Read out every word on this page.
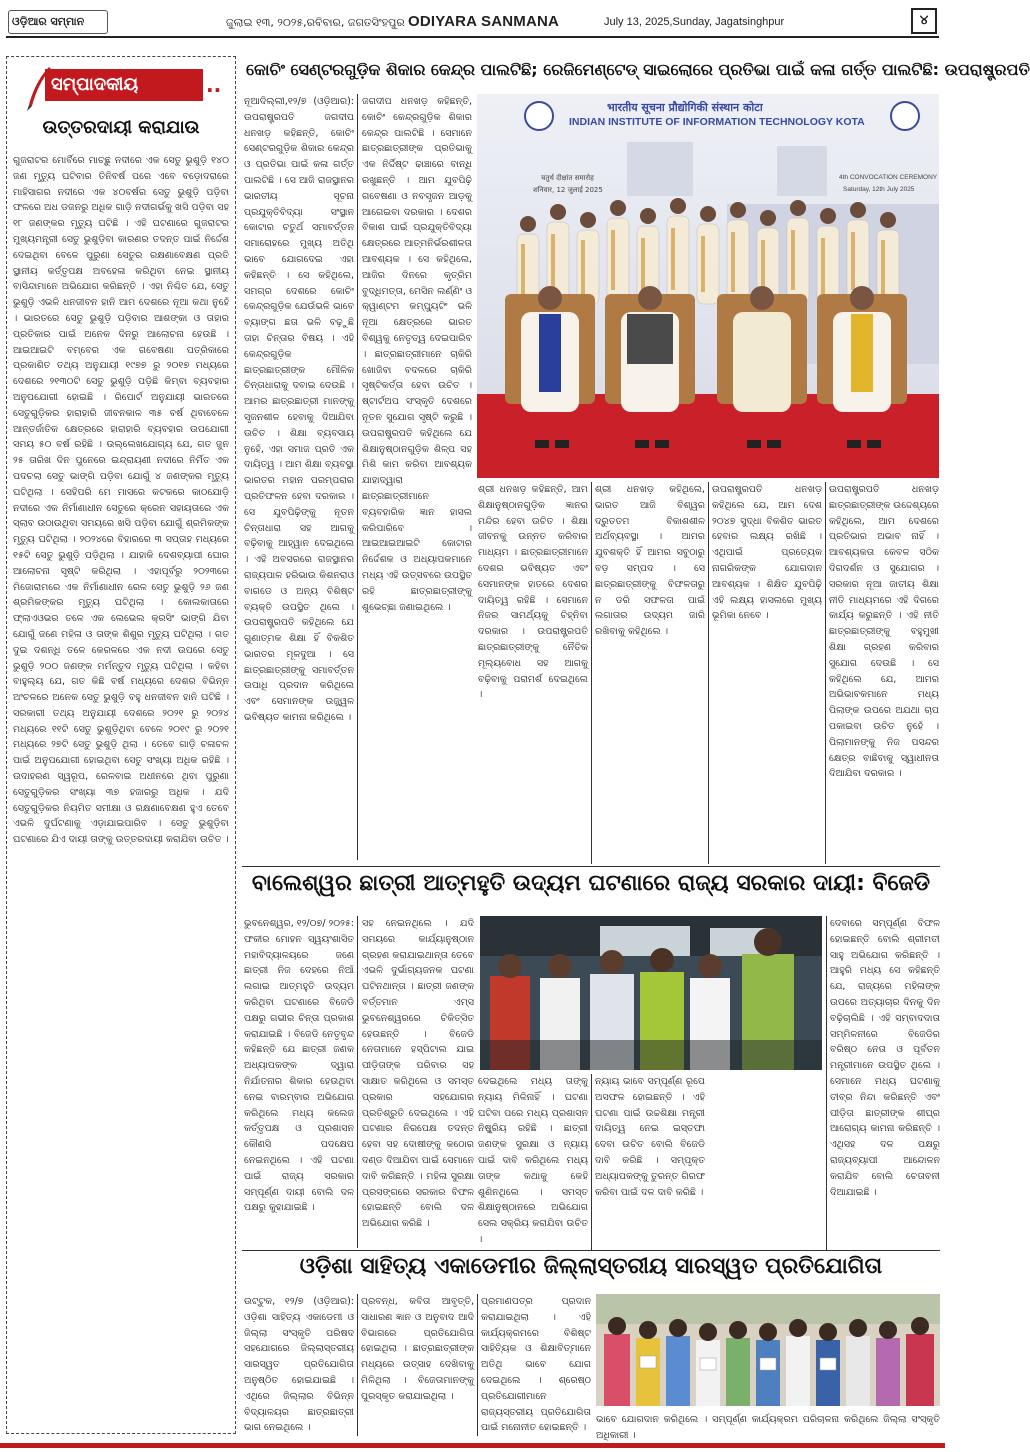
ଓଡ଼ିଆର ସମ୍ମାନ	ଜୁଲାଇ ୧୩, ୨୦୨୫,ରବିବାର, ଜଗତସିଂହପୁର ODIYARA SANMANA	July 13, 2025,Sunday, Jagatsinghpur	୪
ସମ୍ପାଦକୀୟ	..
ଉତ୍ତରଦାୟୀ କରାଯାଉ
ଗୁଜରାଟର ମୋର୍ବିରେ ମାଚ୍ଛୁ ନଦୀରେ ଏକ ସେତୁ ଭୁଶୁଡ଼ି ୧୪୦ ଜଣ ମୃତ୍ୟୁ ଘଟିବାର ତିନିବର୍ଷ ପରେ ଏବେ ବଡ଼ୋଦରାରେ ମାହିସାଗର ନଦୀରେ ଏକ ୪୦ବର୍ଷର ସେତୁ ଭୁଶୁଡ଼ି ପଡ଼ିବା ଫଳରେ ଅଧ ଡଜନରୁ ଅଧିକ ଗାଡ଼ି ନଦୀଗର୍ଭକୁ ଖସି ପଡ଼ିବା ସହ ୧୮ ଜଣଙ୍କର ମୃତ୍ୟୁ ଘଟିଛି । ଏହି ଘଟଣାରେ ଗୁଜରାଟର ମୁଖ୍ୟମନ୍ତ୍ରୀ ସେତୁ ଭୁଶୁଡ଼ିବା କାରଣର ତଦନ୍ତ ପାଇଁ ନିର୍ଦ୍ଦେଶ ଦେଇଥିବା ବେଳେ ପୁରୁଣା ସେତୁର ରକ୍ଷଣାବେକ୍ଷଣ ପ୍ରତି ସ୍ଥାନୀୟ କର୍ତ୍ତୃପକ୍ଷ ଅବହେଳା କରିଥିବା ନେଇ ସ୍ଥାନୀୟ ବାସିନ୍ଦାମାନେ ଅଭିଯୋଗ କରିଛନ୍ତି । ଏହା ନିଶ୍ଚିତ ଯେ, ସେତୁ ଭୁଶୁଡ଼ି ଏଭଳି ଧନଜୀବନ ହାନି ଆମ ଦେଶରେ ନୂଆ କଥା ନୁହେଁ । ଭାରତରେ ସେତୁ ଭୁଶୁଡ଼ି ପଡ଼ିବାର ଆଶଙ୍କା ଓ ତାହାର ପ୍ରତିକାର ପାଇଁ ଅନେକ ଦିନରୁ ଆଲୋଚନା ହେଉଛି । ଆଇଆଇଟି ବମ୍ବେର ଏକ ଗବେଷଣା ପତ୍ରିକାରେ ପ୍ରକାଶିତ ତଥ୍ୟ ଅନୁଯାୟୀ ୧୯୭୭ ରୁ ୨୦୧୭ ମଧ୍ୟରେ ଦେଶରେ ୨୧୩୦ଟି ସେତୁ ଭୁଶୁଡ଼ି ପଡ଼ିଛି କିମ୍ବା ବ୍ୟବହାର ଅନୁପଯୋଗୀ ହୋଇଛି । ରିପୋର୍ଟ ଅନୁଯାୟୀ ଭାରତରେ ସେତୁଗୁଡ଼ିକର ହାରାହାରି ଜୀବନକାଳ ୩୫ ବର୍ଷ ଥିବାବେଳେ ଆନ୍ତର୍ଜାତିକ କ୍ଷେତ୍ରରେ ହାରାହାରି ବ୍ୟବହାର ଉପଯୋଗୀ ସମୟ ୫୦ ବର୍ଷ ରହିଛି । ଉଲ୍ଲେଖଯୋଗ୍ୟ ଯେ, ଗତ ଜୁନ ୨୫ ତାରିଖ ଦିନ ପୁନେରେ ଇନ୍ଦ୍ରାୟଣୀ ନଦୀରେ ନିର୍ମିତ ଏକ ପଦଚଲା ସେତୁ ଭାଙ୍ଗି ପଡ଼ିବା ଯୋଗୁଁ ୪ ଜଣଙ୍କର ମୃତ୍ୟୁ ଘଟିଥିଲା । ସେହିପରି ମେ ମାସରେ କଟକରେ କାଠଯୋଡ଼ି ନଦୀରେ ଏକ ନିର୍ମାଣାଧୀନ ସେତୁରେ କ୍ରେନ ସହାୟତାରେ ଏକ ସ୍ଲାବ ଉଠାଉଥିବା ସମୟରେ ଖସି ପଡ଼ିବା ଯୋଗୁଁ ଶ୍ରମିକଙ୍କ ମୃତ୍ୟୁ ଘଟିଥିଲା । ୨୦୨୪ରେ ବିହାରରେ ୩ ସପ୍ତାହ ମଧ୍ୟରେ ୧୫ଟି ସେତୁ ଭୁଶୁଡ଼ି ପଡ଼ିଥିଲା । ଯାହାକି ଦେଶବ୍ୟାପୀ ଘୋର ଆଲୋଚନା ସୃଷ୍ଟି କରିଥିଲା । ଏହାପୂର୍ବରୁ ୨୦୨୩ରେ ମିଜୋରାମରେ ଏକ ନିର୍ମାଣାଧୀନ ରେଳ ସେତୁ ଭୁଶୁଡ଼ି ୨୬ ଜଣ ଶ୍ରମିକଙ୍କର ମୃତ୍ୟୁ ଘଟିଥିଲା । କୋଲକାତାରେ ଫ୍ଲାଏଓଭର ତଳେ ଏକ ଲେଭେଲ କ୍ରସିଂ ଭାଙ୍ଗି ଯିବା ଯୋଗୁଁ ଜଣେ ମହିଳା ଓ ତାଙ୍କ ଶିଶୁର ମୃତ୍ୟୁ ଘଟିଥିଲା । ଗତ ଦୁଇ ଦଶନ୍ଧି ତଳେ କେରଳରେ ଏକ ନଦୀ ଉପରେ ସେତୁ ଭୁଶୁଡ଼ି ୨୦୦ ଜଣଙ୍କ ମର୍ମନ୍ତୁଦ ମୃତ୍ୟୁ ଘଟିଥିଲା । କହିବା ବାହୁଲ୍ୟ ଯେ, ଗତ କିଛି ବର୍ଷ ମଧ୍ୟରେ ଦେଶର ବିଭିନ୍ନ ଅଂଚଳରେ ଅନେକ ସେତୁ ଭୁଶୁଡ଼ି ବହୁ ଧନଜୀବନ ହାନି ଘଟିଛି । ସରକାରୀ ତଥ୍ୟ ଅନୁଯାୟୀ ଦେଶରେ ୨୦୨୧ ରୁ ୨୦୨୪ ମଧ୍ୟରେ ୧୧ଟି ସେତୁ ଭୁଶୁଡ଼ିଥିବା ବେଳେ ୨୦୧୯ ରୁ ୨୦୨୧ ମଧ୍ୟରେ ୨୭ଟି ସେତୁ ଭୁଶୁଡ଼ି ଥିଲା । ତେବେ ଗାଡ଼ି ଚଳାଚଳ ପାଇଁ ଅନୁପଯୋଗୀ ହୋଇଥିବା ସେତୁ ସଂଖ୍ୟା ଅଧିକ ରହିଛି । ଉଦାହରଣ ସ୍ୱରୂପ, ରେଳବାଇ ଅଧୀନରେ ଥିବା ପୁରୁଣା ସେତୁଗୁଡ଼ିକର ସଂଖ୍ୟା ୩୭ ହଜାରରୁ ଅଧିକ । ଯଦି ସେତୁଗୁଡ଼ିକର ନିୟମିତ ସମୀକ୍ଷା ଓ ରକ୍ଷଣାବେକ୍ଷଣ ହୁଏ ତେବେ ଏଭଳି ଦୁର୍ଘଟଣାକୁ ଏଡ଼ାଯାଇପାରିବ । ସେତୁ ଭୁଶୁଡ଼ିବା ଘଟଣାରେ ଯିଏ ଦାୟୀ ତାଙ୍କୁ ଉତ୍ତରଦାୟୀ କରାଯିବା ଉଚିତ ।
କୋଚିଂ ସେଣ୍ଟରଗୁଡ଼ିକ ଶିକାର କେନ୍ଦ୍ର ପାଲଟିଛି; ରେଜିମେଣ୍ଟେଡ୍ ସାଇଲୋରେ ପ୍ରତିଭା ପାଇଁ କଳା ଗର୍ତ୍ତ ପାଲଟିଛି: ଉପରାଷ୍ଟ୍ରପତି
ନୂଆଦିଲ୍ଲୀ,୧୨/୭ (ଓଡ଼ିଆର): ଉପରାଷ୍ଟ୍ରପତି ଜଗଦୀପ ଧନଖଡ଼ କହିଛନ୍ତି, କୋଚିଂ ସେଣ୍ଟରଗୁଡ଼ିକ ଶିକାର କେନ୍ଦ୍ର ଓ ପ୍ରତିଭା ପାଇଁ କଳା ଗର୍ତ୍ତ ପାଲଟିଛି । ସେ ଆଜି ରାଜସ୍ଥାନର ଭାରତୀୟ ସୂଚନା ପ୍ରଯୁକ୍ତିବିଦ୍ୟା ସଂସ୍ଥାନ କୋଟାର ଚତୁର୍ଥ ସମାବର୍ତ୍ତନ ସମାରୋହରେ ମୁଖ୍ୟ ଅତିଥି ଭାବେ ଯୋଗଦେଇ ଏହା କହିଛନ୍ତି । ସେ କହିଥିଲେ, ସମଗ୍ର ଦେଶରେ କୋଚିଂ କେନ୍ଦ୍ରଗୁଡ଼ିକ ଯେଉଁଭଳି ଭାବେ ବ୍ୟାଙ୍ଗ ଛତା ଭଳି ବଢ଼ୁଛି ତାହା ଚିନ୍ତାର ବିଷୟ । ଏହି କେନ୍ଦ୍ରଗୁଡ଼ିକ ଛାତ୍ରଛାତ୍ରୀଙ୍କ ମୌଳିକ ଚିନ୍ତାଧାରାକୁ ଦବାଇ ଦେଉଛି । ଆମର ଛାତ୍ରଛାତ୍ରୀ ମାନଙ୍କୁ ସୃଜନଶୀଳ ହେବାକୁ ଦିଆଯିବା ଉଚିତ । ଶିକ୍ଷା ବ୍ୟବସାୟ ନୁହେଁ, ଏହା ସମାଜ ପ୍ରତି ଏକ ଦାୟିତ୍ୱ । ଆମ ଶିକ୍ଷା ବ୍ୟବସ୍ଥା ଭାରତର ମହାନ ପରମ୍ପରାର ପ୍ରତିଫଳନ ହେବା ଦରକାର । ସେ ଯୁବପିଢ଼ିଙ୍କୁ ନୂତନ ଚିନ୍ତାଧାରା ସହ ଆଗକୁ ବଢ଼ିବାକୁ ଆହ୍ୱାନ ଦେଇଥିଲେ । ଏହି ଅବସରରେ ରାଜସ୍ଥାନର ରାଜ୍ୟପାଳ ହରିଭାଉ କିଶନରାଓ ବାଗଡେ ଓ ଅନ୍ୟ ବିଶିଷ୍ଟ ବ୍ୟକ୍ତି ଉପସ୍ଥିତ ଥିଲେ । ଉପରାଷ୍ଟ୍ରପତି କହିଥିଲେ ଯେ ଗୁଣାତ୍ମକ ଶିକ୍ଷା ହିଁ ବିକଶିତ ଭାରତର ମୂଳଦୁଆ । ସେ ଛାତ୍ରଛାତ୍ରୀଙ୍କୁ ସମାବର୍ତ୍ତନ ଉପାଧି ପ୍ରଦାନ କରିଥିଲେ ଏବଂ ସେମାନଙ୍କ ଉଜ୍ଜ୍ୱଳ ଭବିଷ୍ୟତ କାମନା କରିଥିଲେ ।
ଜଗଦୀପ ଧନଖଡ଼ କହିଛନ୍ତି, କୋଚିଂ କେନ୍ଦ୍ରଗୁଡ଼ିକ ଶିକାର କେନ୍ଦ୍ର ପାଲଟିଛି । ସେମାନେ ଛାତ୍ରଛାତ୍ରୀଙ୍କ ପ୍ରତିଭାକୁ ଏକ ନିର୍ଦ୍ଦିଷ୍ଟ ଢାଞ୍ଚାରେ ବାନ୍ଧି ରଖୁଛନ୍ତି । ଆମ ଯୁବପିଢ଼ି ଗବେଷଣା ଓ ନବସୃଜନ ଆଡ଼କୁ ଆଗେଇବା ଦରକାର । ଦେଶର ବିକାଶ ପାଇଁ ପ୍ରଯୁକ୍ତିବିଦ୍ୟା କ୍ଷେତ୍ରରେ ଆତ୍ମନିର୍ଭରଶୀଳତା ଆବଶ୍ୟକ । ସେ କହିଥିଲେ, ଆଜିର ଦିନରେ କୃତ୍ରିମ ବୁଦ୍ଧିମତ୍ତା, ମେସିନ ଲର୍ଣ୍ଣିଂ ଓ କ୍ୱାଣ୍ଟମ କମ୍ପ୍ୟୁଟିଂ ଭଳି ନୂଆ କ୍ଷେତ୍ରରେ ଭାରତ ବିଶ୍ୱକୁ ନେତୃତ୍ୱ ଦେଇପାରିବ । ଛାତ୍ରଛାତ୍ରୀମାନେ ଚାକିରି ଖୋଜିବା ବଦଳରେ ଚାକିରି ସୃଷ୍ଟିକର୍ତ୍ତା ହେବା ଉଚିତ । ଷ୍ଟାର୍ଟଅପ ସଂସ୍କୃତି ଦେଶରେ ନୂତନ ସୁଯୋଗ ସୃଷ୍ଟି କରୁଛି । ଉପରାଷ୍ଟ୍ରପତି କହିଥିଲେ ଯେ ଶିକ୍ଷାନୁଷ୍ଠାନଗୁଡ଼ିକ ଶିଳ୍ପ ସହ ମିଶି କାମ କରିବା ଆବଶ୍ୟକ ଯାହାଦ୍ୱାରା ଛାତ୍ରଛାତ୍ରୀମାନେ ବ୍ୟବହାରିକ ଜ୍ଞାନ ହାସଲ କରିପାରିବେ । ଆଇଆଇଆଇଟି କୋଟାର ନିର୍ଦ୍ଦେଶକ ଓ ଅଧ୍ୟାପକମାନେ ମଧ୍ୟ ଏହି ଉତ୍ସବରେ ଉପସ୍ଥିତ ରହି ଛାତ୍ରଛାତ୍ରୀଙ୍କୁ ଶୁଭେଚ୍ଛା ଜଣାଇଥିଲେ ।
भारतीय सूचना प्रौद्योगिकी संस्थान कोटा
INDIAN INSTITUTE OF INFORMATION TECHNOLOGY KOTA
चतुर्थ दीक्षांत समारोह
शनिवार, 12 जुलाई 2025
4th CONVOCATION CEREMONY
Saturday, 12th July 2025
ଶ୍ରୀ ଧନଖଡ଼ କହିଛନ୍ତି, ଆମ ଶିକ୍ଷାନୁଷ୍ଠାନଗୁଡ଼ିକ ଜ୍ଞାନର ମନ୍ଦିର ହେବା ଉଚିତ । ଶିକ୍ଷା ଜୀବନକୁ ଉନ୍ନତ କରିବାର ମାଧ୍ୟମ । ଛାତ୍ରଛାତ୍ରୀମାନେ ଦେଶର ଭବିଷ୍ୟତ ଏବଂ ସେମାନଙ୍କ ହାତରେ ଦେଶର ଦାୟିତ୍ୱ ରହିଛି । ସେମାନେ ନିଜର ସାମର୍ଥ୍ୟକୁ ଚିହ୍ନିବା ଦରକାର । ଉପରାଷ୍ଟ୍ରପତି ଛାତ୍ରଛାତ୍ରୀଙ୍କୁ ନୈତିକ ମୂଲ୍ୟବୋଧ ସହ ଆଗକୁ ବଢ଼ିବାକୁ ପରାମର୍ଶ ଦେଇଥିଲେ ।
ଶ୍ରୀ ଧନଖଡ଼ କହିଥିଲେ, ଭାରତ ଆଜି ବିଶ୍ୱର ଦ୍ରୁତତମ ବିକାଶଶୀଳ ଅର୍ଥବ୍ୟବସ୍ଥା । ଆମର ଯୁବଶକ୍ତି ହିଁ ଆମର ସବୁଠାରୁ ବଡ଼ ସମ୍ପଦ । ସେ ଛାତ୍ରଛାତ୍ରୀଙ୍କୁ ବିଫଳତାରୁ ନ ଡରି ସଫଳତା ପାଇଁ ଲଗାତାର ଉଦ୍ୟମ ଜାରି ରଖିବାକୁ କହିଥିଲେ ।
ଉପରାଷ୍ଟ୍ରପତି ଧନଖଡ଼ କହିଥିଲେ ଯେ, ଆମ ଦେଶ ୨୦୪୭ ସୁଦ୍ଧା ବିକଶିତ ଭାରତ ହେବାର ଲକ୍ଷ୍ୟ ରଖିଛି । ଏଥିପାଇଁ ପ୍ରତ୍ୟେକ ନାଗରିକଙ୍କ ଯୋଗଦାନ ଆବଶ୍ୟକ । ଶିକ୍ଷିତ ଯୁବପିଢ଼ି ଏହି ଲକ୍ଷ୍ୟ ହାସଲରେ ମୁଖ୍ୟ ଭୂମିକା ନେବେ ।
ଉପରାଷ୍ଟ୍ରପତି ଧନଖଡ଼ ଛାତ୍ରଛାତ୍ରୀଙ୍କ ଉଦ୍ଦେଶ୍ୟରେ କହିଥିଲେ, ଆମ ଦେଶରେ ପ୍ରତିଭାର ଅଭାବ ନାହିଁ । ଆବଶ୍ୟକତା କେବଳ ସଠିକ ଦିଗଦର୍ଶନ ଓ ସୁଯୋଗର । ସରକାର ନୂଆ ଜାତୀୟ ଶିକ୍ଷା ନୀତି ମାଧ୍ୟମରେ ଏହି ଦିଗରେ କାର୍ଯ୍ୟ କରୁଛନ୍ତି । ଏହି ନୀତି ଛାତ୍ରଛାତ୍ରୀଙ୍କୁ ବହୁମୁଖୀ ଶିକ୍ଷା ଗ୍ରହଣ କରିବାର ସୁଯୋଗ ଦେଉଛି । ସେ କହିଥିଲେ ଯେ, ଆମର ଅଭିଭାବକମାନେ ମଧ୍ୟ ପିଲାଙ୍କ ଉପରେ ଅଯଥା ଚାପ ପକାଇବା ଉଚିତ ନୁହେଁ । ପିଲାମାନଙ୍କୁ ନିଜ ପସନ୍ଦର କ୍ଷେତ୍ର ବାଛିବାକୁ ସ୍ୱାଧୀନତା ଦିଆଯିବା ଦରକାର ।
ବାଲେଶ୍ୱର ଛାତ୍ରୀ ଆତ୍ମହୁତି ଉଦ୍ୟମ ଘଟଣାରେ ରାଜ୍ୟ ସରକାର ଦାୟୀ: ବିଜେଡି
ଭୁବନେଶ୍ୱର, ୧୨/୦୭/ ୨୦୨୫: ଫକୀର ମୋହନ ସ୍ୱୟଂଶାସିତ ମହାବିଦ୍ୟାଳୟରେ ଜଣେ ଛାତ୍ରୀ ନିଜ ଦେହରେ ନିଆଁ ଲଗାଇ ଆତ୍ମହୁତି ଉଦ୍ୟମ କରିଥିବା ଘଟଣାରେ ବିଜେଡି ପକ୍ଷରୁ ଗଭୀର ଚିନ୍ତା ପ୍ରକାଶ କରାଯାଇଛି । ବିଜେଡି ନେତୃବୃନ୍ଦ କହିଛନ୍ତି ଯେ ଛାତ୍ରୀ ଜଣକ ଅଧ୍ୟାପକଙ୍କ ଦ୍ୱାରା ନିର୍ଯାତନାର ଶିକାର ହେଉଥିବା ନେଇ ବାରମ୍ବାର ଅଭିଯୋଗ କରିଥିଲେ ମଧ୍ୟ କଲେଜ କର୍ତ୍ତୃପକ୍ଷ ଓ ପ୍ରଶାସନ କୌଣସି ପଦକ୍ଷେପ ନେଇନଥିଲେ । ଏହି ଘଟଣା ପାଇଁ ରାଜ୍ୟ ସରକାର ସମ୍ପୂର୍ଣ୍ଣ ଦାୟୀ ବୋଲି ଦଳ ପକ୍ଷରୁ କୁହାଯାଇଛି ।
ସହ ନେଇନଥିଲେ । ଯଦି ସମୟରେ କାର୍ଯ୍ୟାନୁଷ୍ଠାନ ଗ୍ରହଣ କରାଯାଇଥାନ୍ତା ତେବେ ଏଭଳି ଦୁର୍ଭାଗ୍ୟଜନକ ଘଟଣା ଘଟିନଥାନ୍ତା । ଛାତ୍ରୀ ଜଣଙ୍କ ବର୍ତ୍ତମାନ ଏମ୍ସ ଭୁବନେଶ୍ୱରରେ ଚିକିତ୍ସିତ ହେଉଛନ୍ତି । ବିଜେଡି ନେତାମାନେ ହସ୍ପିଟାଲ ଯାଇ ପୀଡ଼ିତାଙ୍କ ପରିବାର ସହ ସାକ୍ଷାତ କରିଥିଲେ ଓ ସମସ୍ତ ପ୍ରକାର ସହଯୋଗର ପ୍ରତିଶ୍ରୁତି ଦେଇଥିଲେ । ଏହି ଘଟଣାର ନିରପେକ୍ଷ ତଦନ୍ତ ହେବା ସହ ଦୋଷୀଙ୍କୁ କଠୋର ଦଣ୍ଡ ଦିଆଯିବା ପାଇଁ ସେମାନେ ଦାବି କରିଛନ୍ତି । ମହିଳା ସୁରକ୍ଷା ପ୍ରସଙ୍ଗରେ ସରକାର ବିଫଳ ହୋଇଛନ୍ତି ବୋଲି ଦଳ ଅଭିଯୋଗ କରିଛି ।
ଦେଇଥିଲେ ମଧ୍ୟ ତାଙ୍କୁ ନ୍ୟାୟ ମିଳିନାହିଁ । ଘଟଣା ଘଟିବା ପରେ ମଧ୍ୟ ପ୍ରଶାସନ ନିଷ୍କ୍ରିୟ ରହିଛି । ଛାତ୍ରୀ ଜଣଙ୍କ ସୁରକ୍ଷା ଓ ନ୍ୟାୟ ପାଇଁ ଦାବି କରିଥିଲେ ମଧ୍ୟ ତାଙ୍କ କଥାକୁ କେହି ଶୁଣିନଥିଲେ । ସମସ୍ତ ଶିକ୍ଷାନୁଷ୍ଠାନରେ ଅଭିଯୋଗ ସେଲ ସକ୍ରିୟ କରାଯିବା ଉଚିତ ।
ନ୍ୟାୟ ଭାବେ ସମ୍ପୂର୍ଣ୍ଣ ରୂପେ ଅସଫଳ ହୋଇଛନ୍ତି । ଏହି ଘଟଣା ପାଇଁ ଉଚ୍ଚଶିକ୍ଷା ମନ୍ତ୍ରୀ ଦାୟିତ୍ୱ ନେଇ ଇସ୍ତଫା ଦେବା ଉଚିତ ବୋଲି ବିଜେଡି ଦାବି କରିଛି । ସମ୍ପୃକ୍ତ ଅଧ୍ୟାପକଙ୍କୁ ତୁରନ୍ତ ଗିରଫ କରିବା ପାଇଁ ଦଳ ଦାବି କରିଛି ।
ଦେବାରେ ସମ୍ପୂର୍ଣ୍ଣ ବିଫଳ ହୋଇଛନ୍ତି ବୋଲି ଶ୍ରୀମତୀ ସାହୁ ଅଭିଯୋଗ କରିଛନ୍ତି । ଆହୁରି ମଧ୍ୟ ସେ କହିଛନ୍ତି ଯେ, ରାଜ୍ୟରେ ମହିଳାଙ୍କ ଉପରେ ଅତ୍ୟାଚାର ଦିନକୁ ଦିନ ବଢ଼ିଚାଲିଛି । ଏହି ସମ୍ବାଦଦାତା ସମ୍ମିଳନୀରେ ବିଜେଡିର ବରିଷ୍ଠ ନେତା ଓ ପୂର୍ବତନ ମନ୍ତ୍ରୀମାନେ ଉପସ୍ଥିତ ଥିଲେ । ସେମାନେ ମଧ୍ୟ ଘଟଣାକୁ ତୀବ୍ର ନିନ୍ଦା କରିଛନ୍ତି ଏବଂ ପୀଡ଼ିତା ଛାତ୍ରୀଙ୍କ ଶୀଘ୍ର ଆରୋଗ୍ୟ କାମନା କରିଛନ୍ତି । ଏଥିସହ ଦଳ ପକ୍ଷରୁ ରାଜ୍ୟବ୍ୟାପୀ ଆନ୍ଦୋଳନ କରାଯିବ ବୋଲି ଚେତାବନୀ ଦିଆଯାଇଛି ।
ଓଡ଼ିଶା ସାହିତ୍ୟ ଏକାଡେମୀର ଜିଲ୍ଲାସ୍ତରୀୟ ସାରସ୍ୱତ ପ୍ରତିଯୋଗିତା
ଉଟ୍ଟୁକ, ୧୨/୭ (ଓଡ଼ିଆର): ଓଡ଼ିଶା ସାହିତ୍ୟ ଏକାଡେମୀ ଓ ଜିଲ୍ଲା ସଂସ୍କୃତି ପରିଷଦ ସହଯୋଗରେ ଜିଲ୍ଲାସ୍ତରୀୟ ସାରସ୍ୱତ ପ୍ରତିଯୋଗିତା ଅନୁଷ୍ଠିତ ହୋଇଯାଇଛି । ଏଥିରେ ଜିଲ୍ଲାର ବିଭିନ୍ନ ବିଦ୍ୟାଳୟର ଛାତ୍ରଛାତ୍ରୀ ଭାଗ ନେଇଥିଲେ ।
ପ୍ରବନ୍ଧ, କବିତା ଆବୃତ୍ତି, ସାଧାରଣ ଜ୍ଞାନ ଓ ଅନୁବାଦ ଆଦି ବିଭାଗରେ ପ୍ରତିଯୋଗିତା ହୋଇଥିଲା । ଛାତ୍ରଛାତ୍ରୀଙ୍କ ମଧ୍ୟରେ ଉତ୍ସାହ ଦେଖିବାକୁ ମିଳିଥିଲା । ବିଜେତାମାନଙ୍କୁ ପୁରସ୍କୃତ କରାଯାଇଥିଲା ।
ପ୍ରମାଣପତ୍ର ପ୍ରଦାନ କରାଯାଇଥିଲା । ଏହି କାର୍ଯ୍ୟକ୍ରମରେ ବିଶିଷ୍ଟ ସାହିତ୍ୟିକ ଓ ଶିକ୍ଷାବିତ୍ମାନେ ଅତିଥି ଭାବେ ଯୋଗ ଦେଇଥିଲେ । ଶ୍ରେଷ୍ଠ ପ୍ରତିଯୋଗୀମାନେ ରାଜ୍ୟସ୍ତରୀୟ ପ୍ରତିଯୋଗିତା ପାଇଁ ମନୋନୀତ ହୋଇଛନ୍ତି ।
ଭାବେ ଯୋଗଦାନ କରିଥିଲେ । ସମ୍ପୂର୍ଣ୍ଣ କାର୍ଯ୍ୟକ୍ରମ ପରିଚାଳନା କରିଥିଲେ ଜିଲ୍ଲା ସଂସ୍କୃତି ଅଧିକାରୀ ।
